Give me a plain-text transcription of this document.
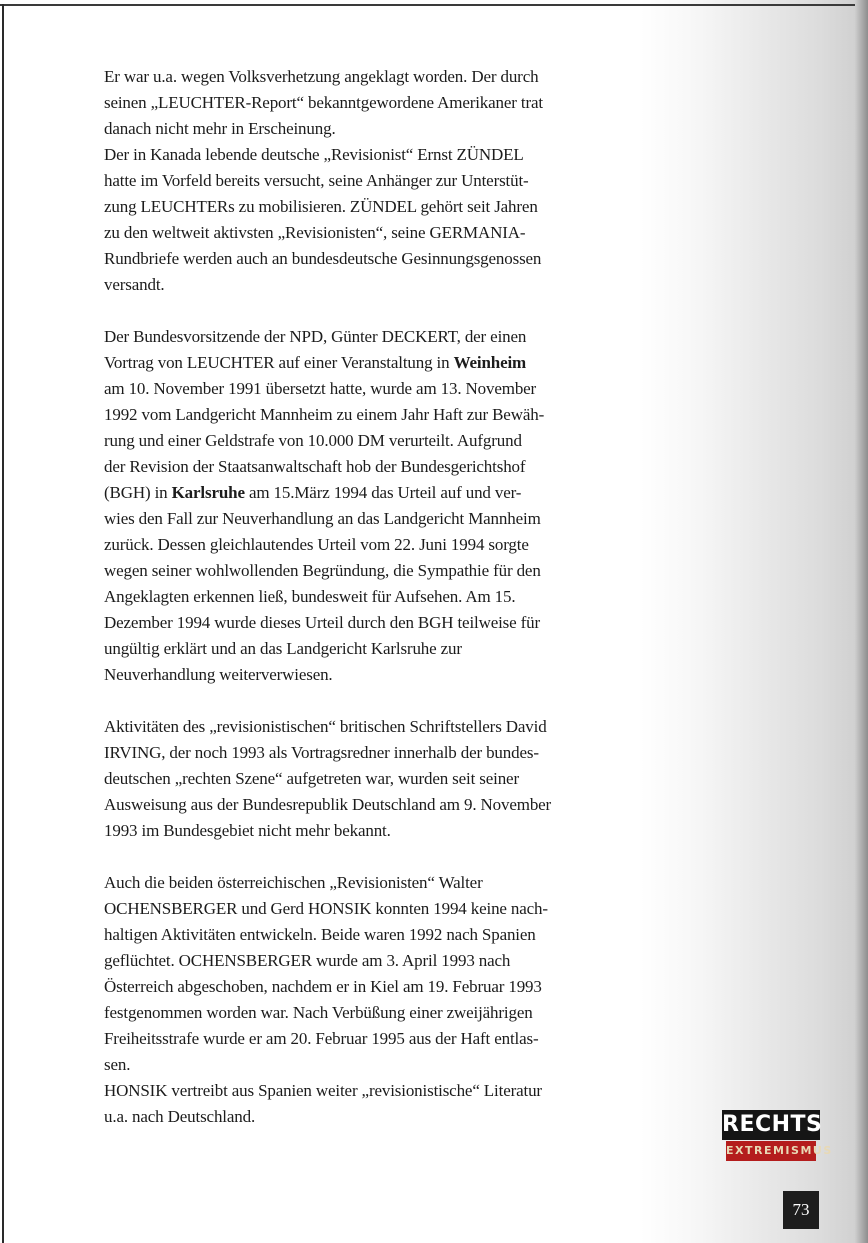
Er war u.a. wegen Volksverhetzung angeklagt worden. Der durch
seinen „LEUCHTER-Report“ bekanntgewordene Amerikaner trat
danach nicht mehr in Erscheinung.
Der in Kanada lebende deutsche „Revisionist“ Ernst ZÜNDEL
hatte im Vorfeld bereits versucht, seine Anhänger zur Unterstüt-
zung LEUCHTERs zu mobilisieren. ZÜNDEL gehört seit Jahren
zu den weltweit aktivsten „Revisionisten“, seine GERMANIA-
Rundbriefe werden auch an bundesdeutsche Gesinnungsgenossen
versandt.

Der Bundesvorsitzende der NPD, Günter DECKERT, der einen
Vortrag von LEUCHTER auf einer Veranstaltung in Weinheim
am 10. November 1991 übersetzt hatte, wurde am 13. November
1992 vom Landgericht Mannheim zu einem Jahr Haft zur Bewäh-
rung und einer Geldstrafe von 10.000 DM verurteilt. Aufgrund
der Revision der Staatsanwaltschaft hob der Bundesgerichtshof
(BGH) in Karlsruhe am 15.März 1994 das Urteil auf und ver-
wies den Fall zur Neuverhandlung an das Landgericht Mannheim
zurück. Dessen gleichlautendes Urteil vom 22. Juni 1994 sorgte
wegen seiner wohlwollenden Begründung, die Sympathie für den
Angeklagten erkennen ließ, bundesweit für Aufsehen. Am 15.
Dezember 1994 wurde dieses Urteil durch den BGH teilweise für
ungültig erklärt und an das Landgericht Karlsruhe zur
Neuverhandlung weiterverwiesen.

Aktivitäten des „revisionistischen“ britischen Schriftstellers David
IRVING, der noch 1993 als Vortragsredner innerhalb der bundes-
deutschen „rechten Szene“ aufgetreten war, wurden seit seiner
Ausweisung aus der Bundesrepublik Deutschland am 9. November
1993 im Bundesgebiet nicht mehr bekannt.

Auch die beiden österreichischen „Revisionisten“ Walter
OCHENSBERGER und Gerd HONSIK konnten 1994 keine nach-
haltigen Aktivitäten entwickeln. Beide waren 1992 nach Spanien
geflüchtet. OCHENSBERGER wurde am 3. April 1993 nach
Österreich abgeschoben, nachdem er in Kiel am 19. Februar 1993
festgenommen worden war. Nach Verbüßung einer zweijährigen
Freiheitsstrafe wurde er am 20. Februar 1995 aus der Haft entlas-
sen.
HONSIK vertreibt aus Spanien weiter „revisionistische“ Literatur
u.a. nach Deutschland.	RECHTS
EXTREMISMUS
73
